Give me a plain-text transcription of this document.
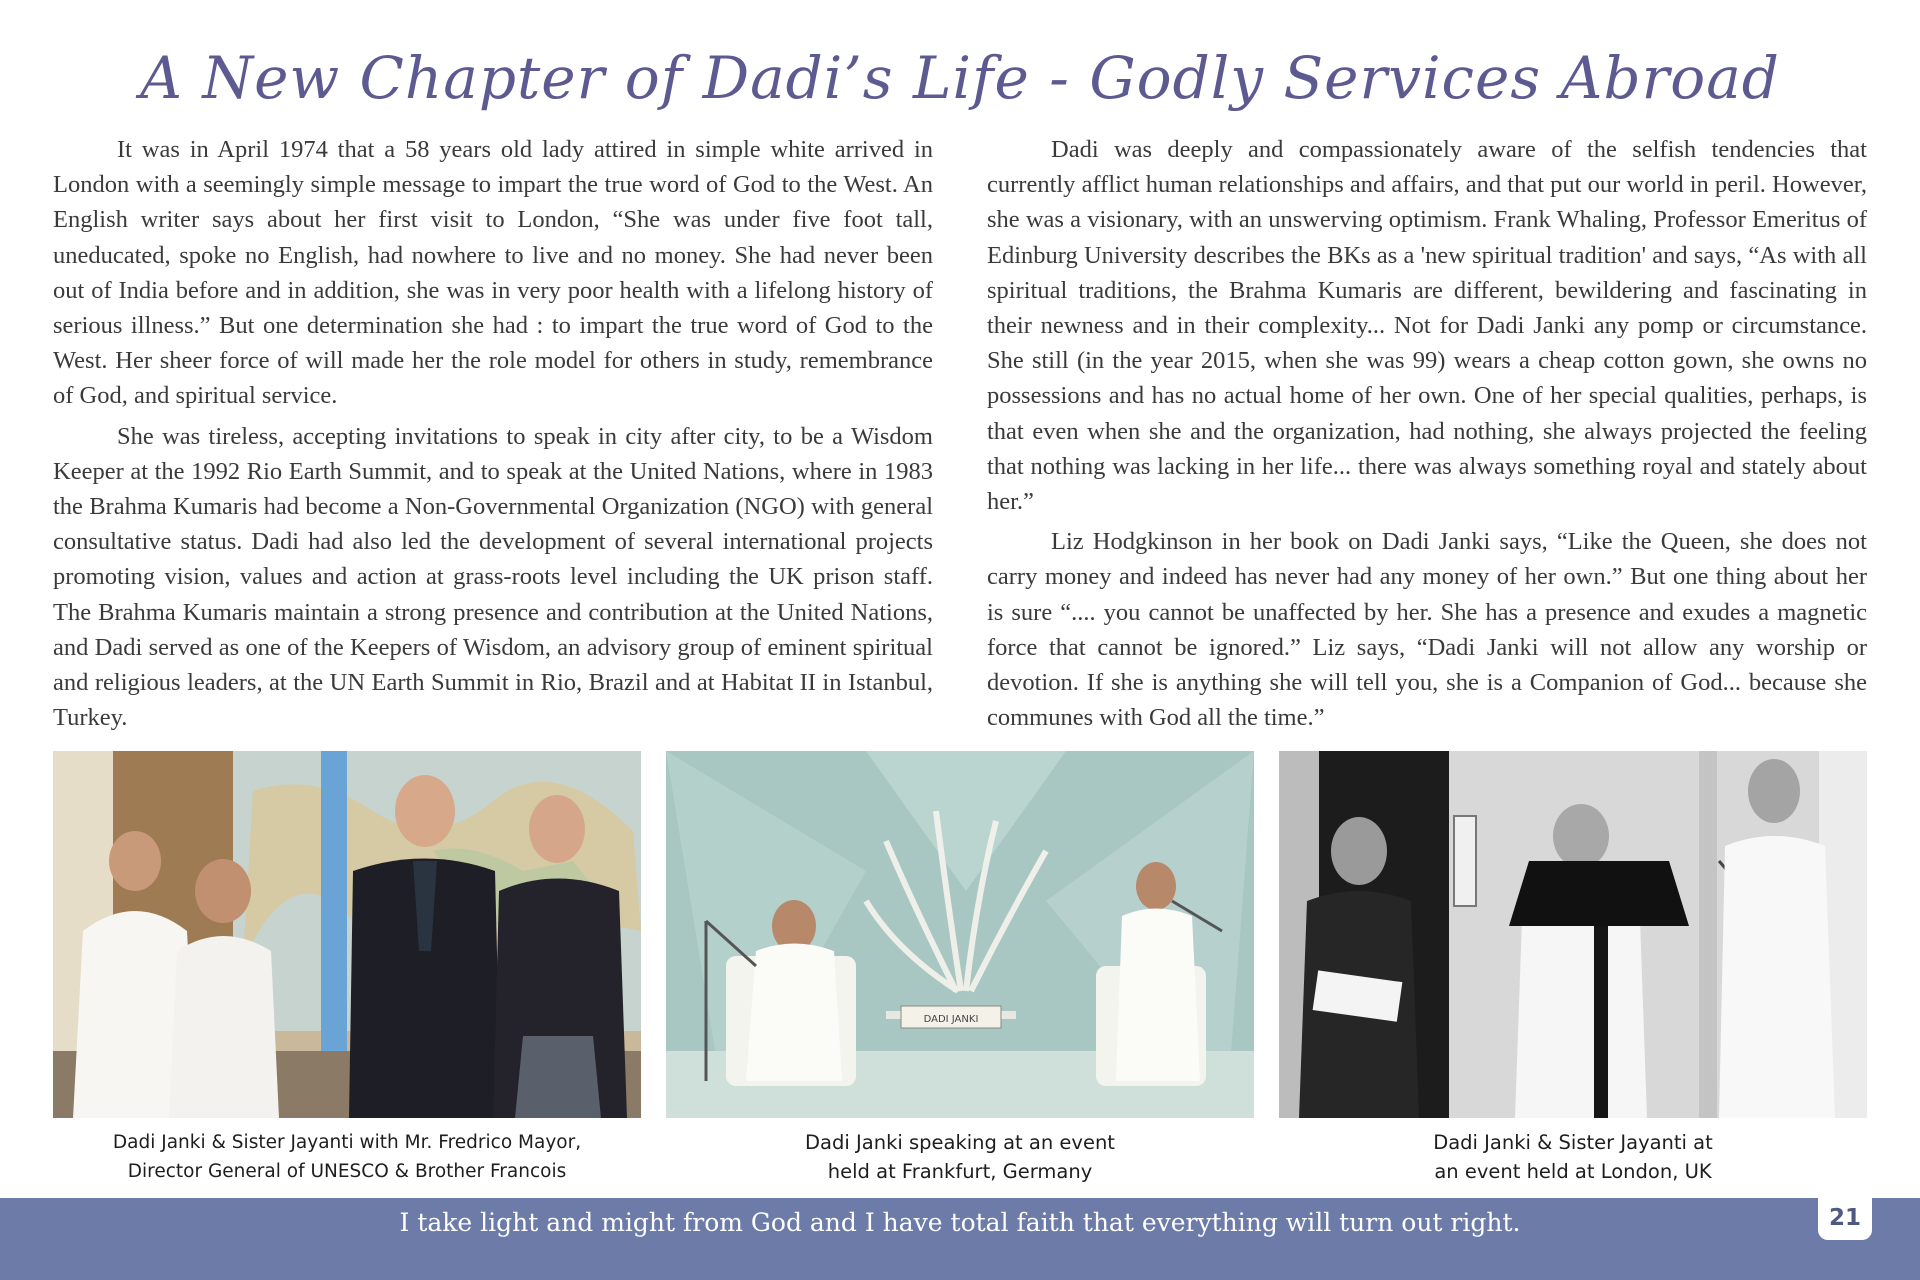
A New Chapter of Dadi’s Life - Godly Services Abroad

It was in April 1974 that a 58 years old lady attired in simple white arrived in London with a seemingly simple message to impart the true word of God to the West. An English writer says about her first visit to London, “She was under five foot tall, uneducated, spoke no English, had nowhere to live and no money. She had never been out of India before and in addition, she was in very poor health with a lifelong history of serious illness.” But one determination she had : to impart the true word of God to the West. Her sheer force of will made her the role model for others in study, remembrance of God, and spiritual service.

She was tireless, accepting invitations to speak in city after city, to be a Wisdom Keeper at the 1992 Rio Earth Summit, and to speak at the United Nations, where in 1983 the Brahma Kumaris had become a Non-Governmental Organization (NGO) with general consultative status. Dadi had also led the development of several international projects promoting vision, values and action at grass-roots level including the UK prison staff. The Brahma Kumaris maintain a strong presence and contribution at the United Nations, and Dadi served as one of the Keepers of Wisdom, an advisory group of eminent spiritual and religious leaders, at the UN Earth Summit in Rio, Brazil and at Habitat II in Istanbul, Turkey.

Dadi was deeply and compassionately aware of the selfish tendencies that currently afflict human relationships and affairs, and that put our world in peril. However, she was a visionary, with an unswerving optimism. Frank Whaling, Professor Emeritus of Edinburg University describes the BKs as a 'new spiritual tradition' and says, “As with all spiritual traditions, the Brahma Kumaris are different, bewildering and fascinating in their newness and in their complexity... Not for Dadi Janki any pomp or circumstance. She still (in the year 2015, when she was 99) wears a cheap cotton gown, she owns no possessions and has no actual home of her own. One of her special qualities, perhaps, is that even when she and the organization, had nothing, she always projected the feeling that nothing was lacking in her life... there was always something royal and stately about her.”

Liz Hodgkinson in her book on Dadi Janki says, “Like the Queen, she does not carry money and indeed has never had any money of her own.” But one thing about her is sure “.... you cannot be unaffected by her. She has a presence and exudes a magnetic force that cannot be ignored.” Liz says, “Dadi Janki will not allow any worship or devotion. If she is anything she will tell you, she is a Companion of God... because she communes with God all the time.”

DADI JANKI
Dadi Janki & Sister Jayanti with Mr. Fredrico Mayor,
Director General of UNESCO & Brother Francois
Dadi Janki speaking at an event
held at Frankfurt, Germany
Dadi Janki & Sister Jayanti at
an event held at London, UK
I take light and might from God and I have total faith that everything will turn out right.	21
